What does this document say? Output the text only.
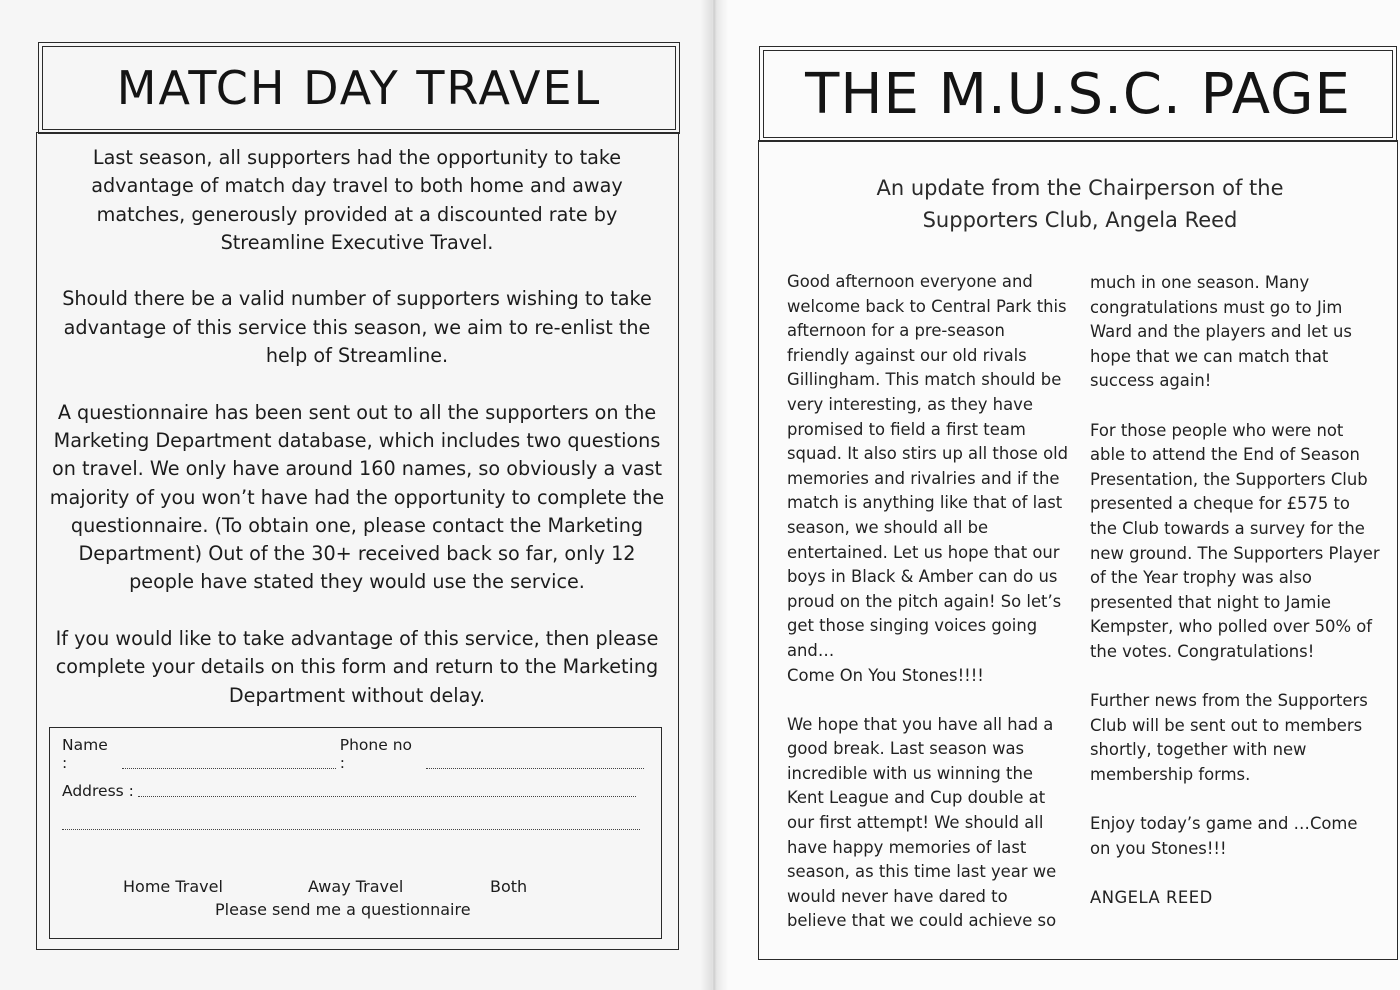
MATCH DAY TRAVEL

Last season, all supporters had the opportunity to take advantage of match day travel to both home and away matches, generously provided at a discounted rate by Streamline Executive Travel.

Should there be a valid number of supporters wishing to take advantage of this service this season, we aim to re-enlist the help of Streamline.

A questionnaire has been sent out to all the supporters on the Marketing Department database, which includes two questions on travel. We only have around 160 names, so obviously a vast majority of you won’t have had the opportunity to complete the questionnaire. (To obtain one, please contact the Marketing Department) Out of the 30+ received back so far, only 12 people have stated they would use the service.

If you would like to take advantage of this service, then please complete your details on this form and return to the Marketing Department without delay.

Name :
Phone no :
Address :
Home Travel	Away Travel	Both
Please send me a questionnaire
THE M.U.S.C. PAGE
An update from the Chairperson of the
Supporters Club, Angela Reed

Good afternoon everyone and welcome back to Central Park this afternoon for a pre-season friendly against our old rivals Gillingham. This match should be very interesting, as they have promised to field a first team squad. It also stirs up all those old memories and rivalries and if the match is anything like that of last season, we should all be entertained. Let us hope that our boys in Black & Amber can do us proud on the pitch again! So let’s get those singing voices going and…

Come On You Stones!!!!

We hope that you have all had a good break. Last season was incredible with us winning the Kent League and Cup double at our first attempt! We should all have happy memories of last season, as this time last year we would never have dared to believe that we could achieve so

much in one season. Many congratulations must go to Jim Ward and the players and let us hope that we can match that success again!

For those people who were not able to attend the End of Season Presentation, the Supporters Club presented a cheque for £575 to the Club towards a survey for the new ground. The Supporters Player of the Year trophy was also presented that night to Jamie Kempster, who polled over 50% of the votes. Congratulations!

Further news from the Supporters Club will be sent out to members shortly, together with new membership forms.

Enjoy today’s game and …Come on you Stones!!!

ANGELA REED
